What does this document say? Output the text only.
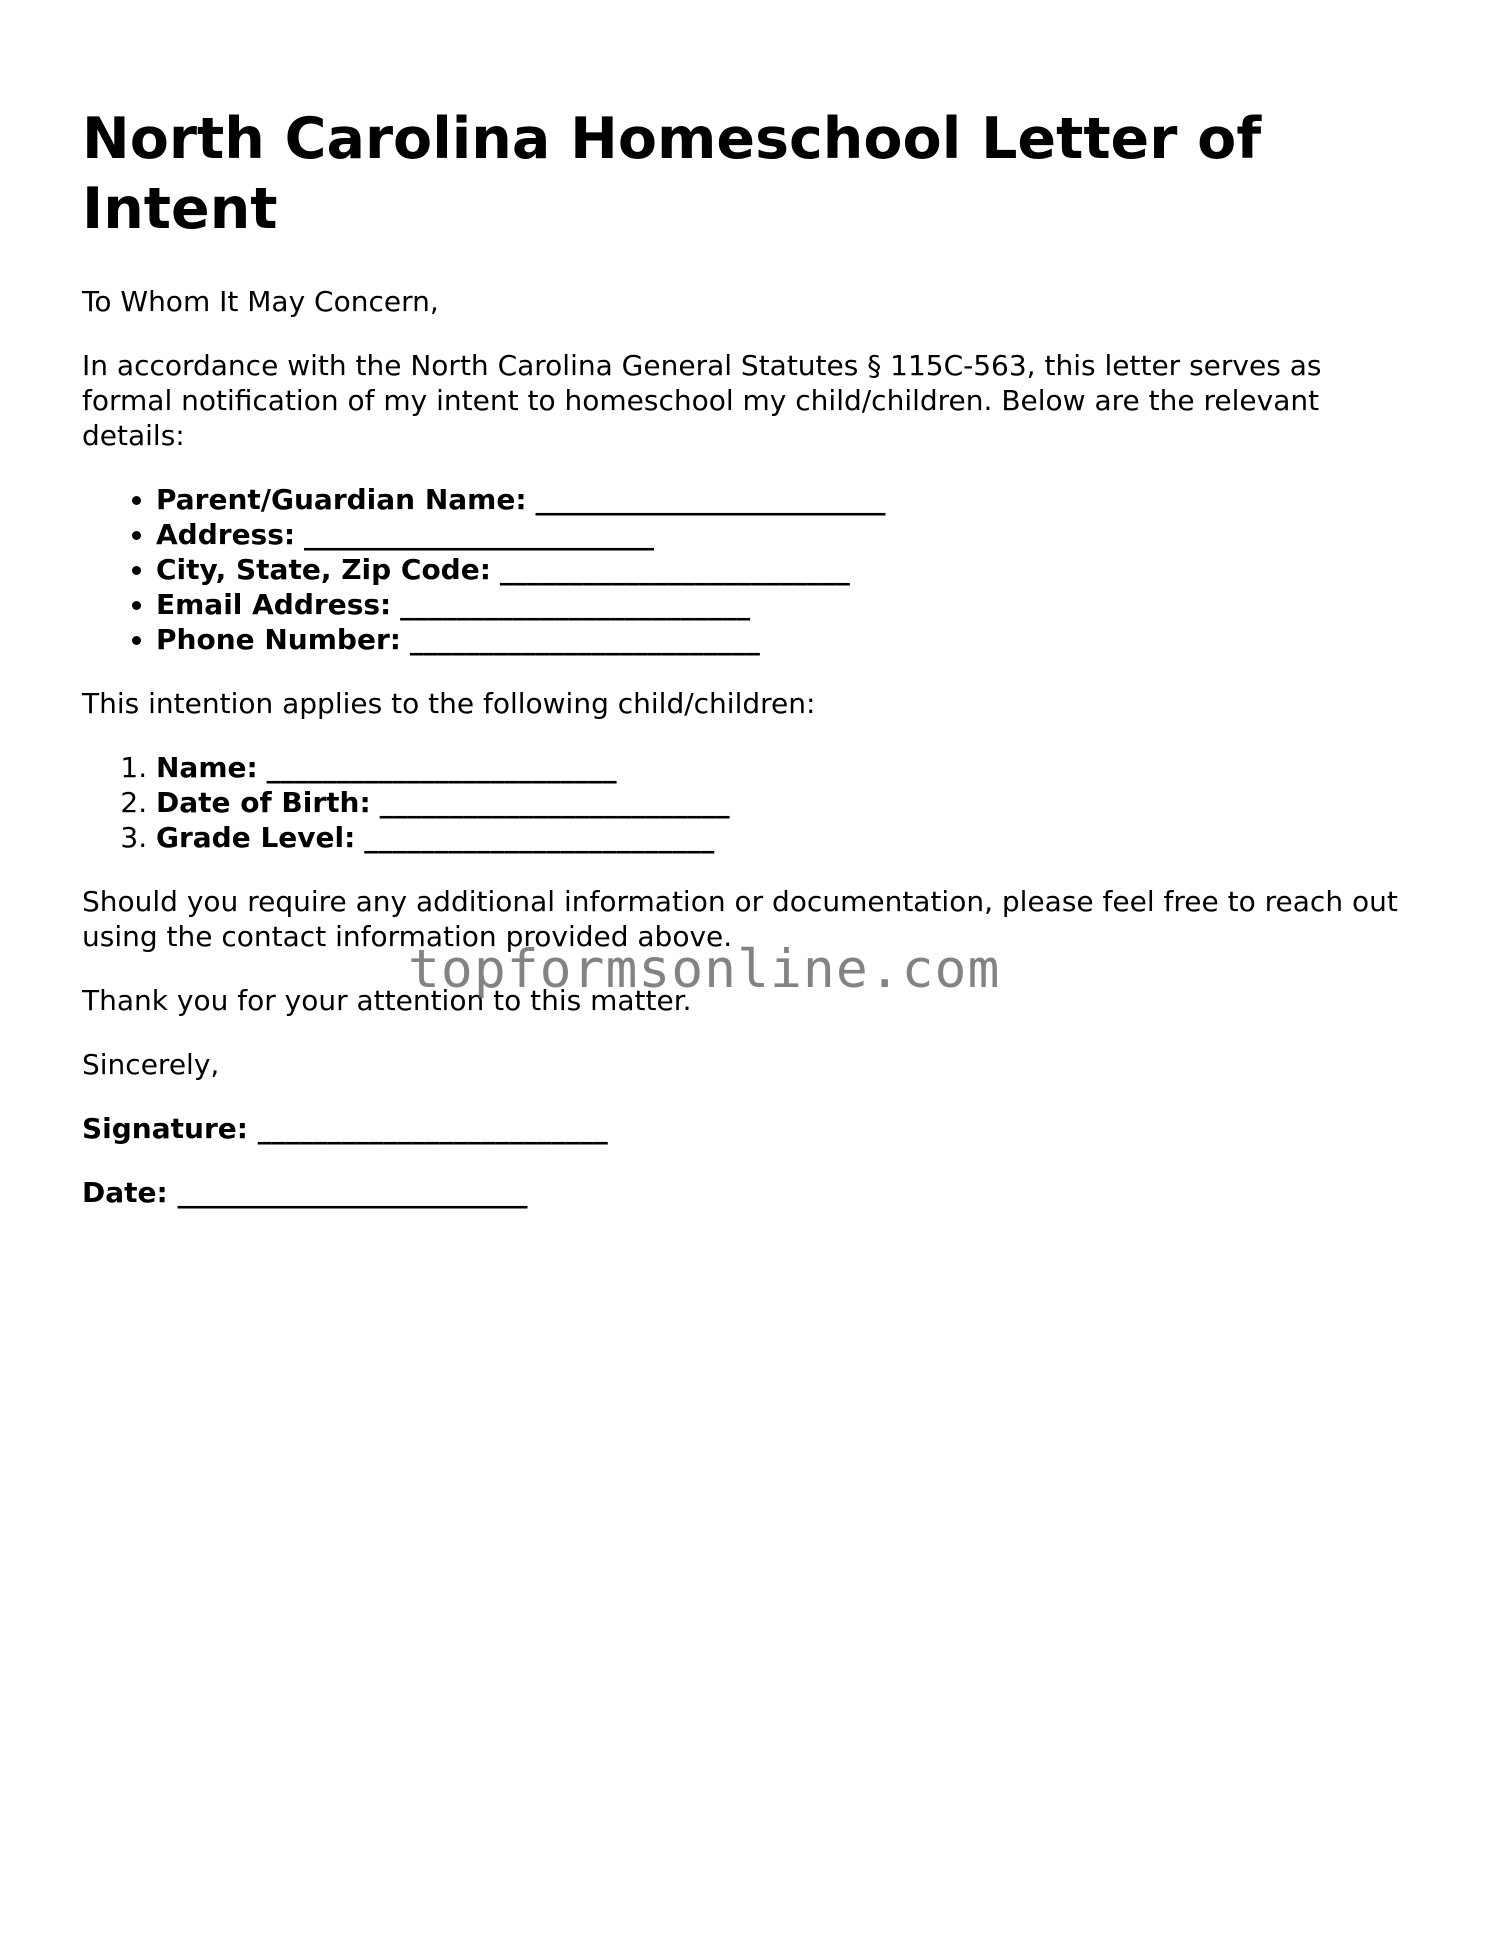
North Carolina Homeschool Letter of Intent

To Whom It May Concern,

In accordance with the North Carolina General Statutes § 115C-563, this letter serves as formal notification of my intent to homeschool my child/children. Below are the relevant details:

• Parent/Guardian Name: _________________________
• Address: _________________________
• City, State, Zip Code: _________________________
• Email Address: _________________________
• Phone Number: _________________________

This intention applies to the following child/children:

1. Name: _________________________
2. Date of Birth: _________________________
3. Grade Level: _________________________

Should you require any additional information or documentation, please feel free to reach out using the contact information provided above.

Thank you for your attention to this matter.

Sincerely,

Signature: _________________________

Date: _________________________

topformsonline.com
